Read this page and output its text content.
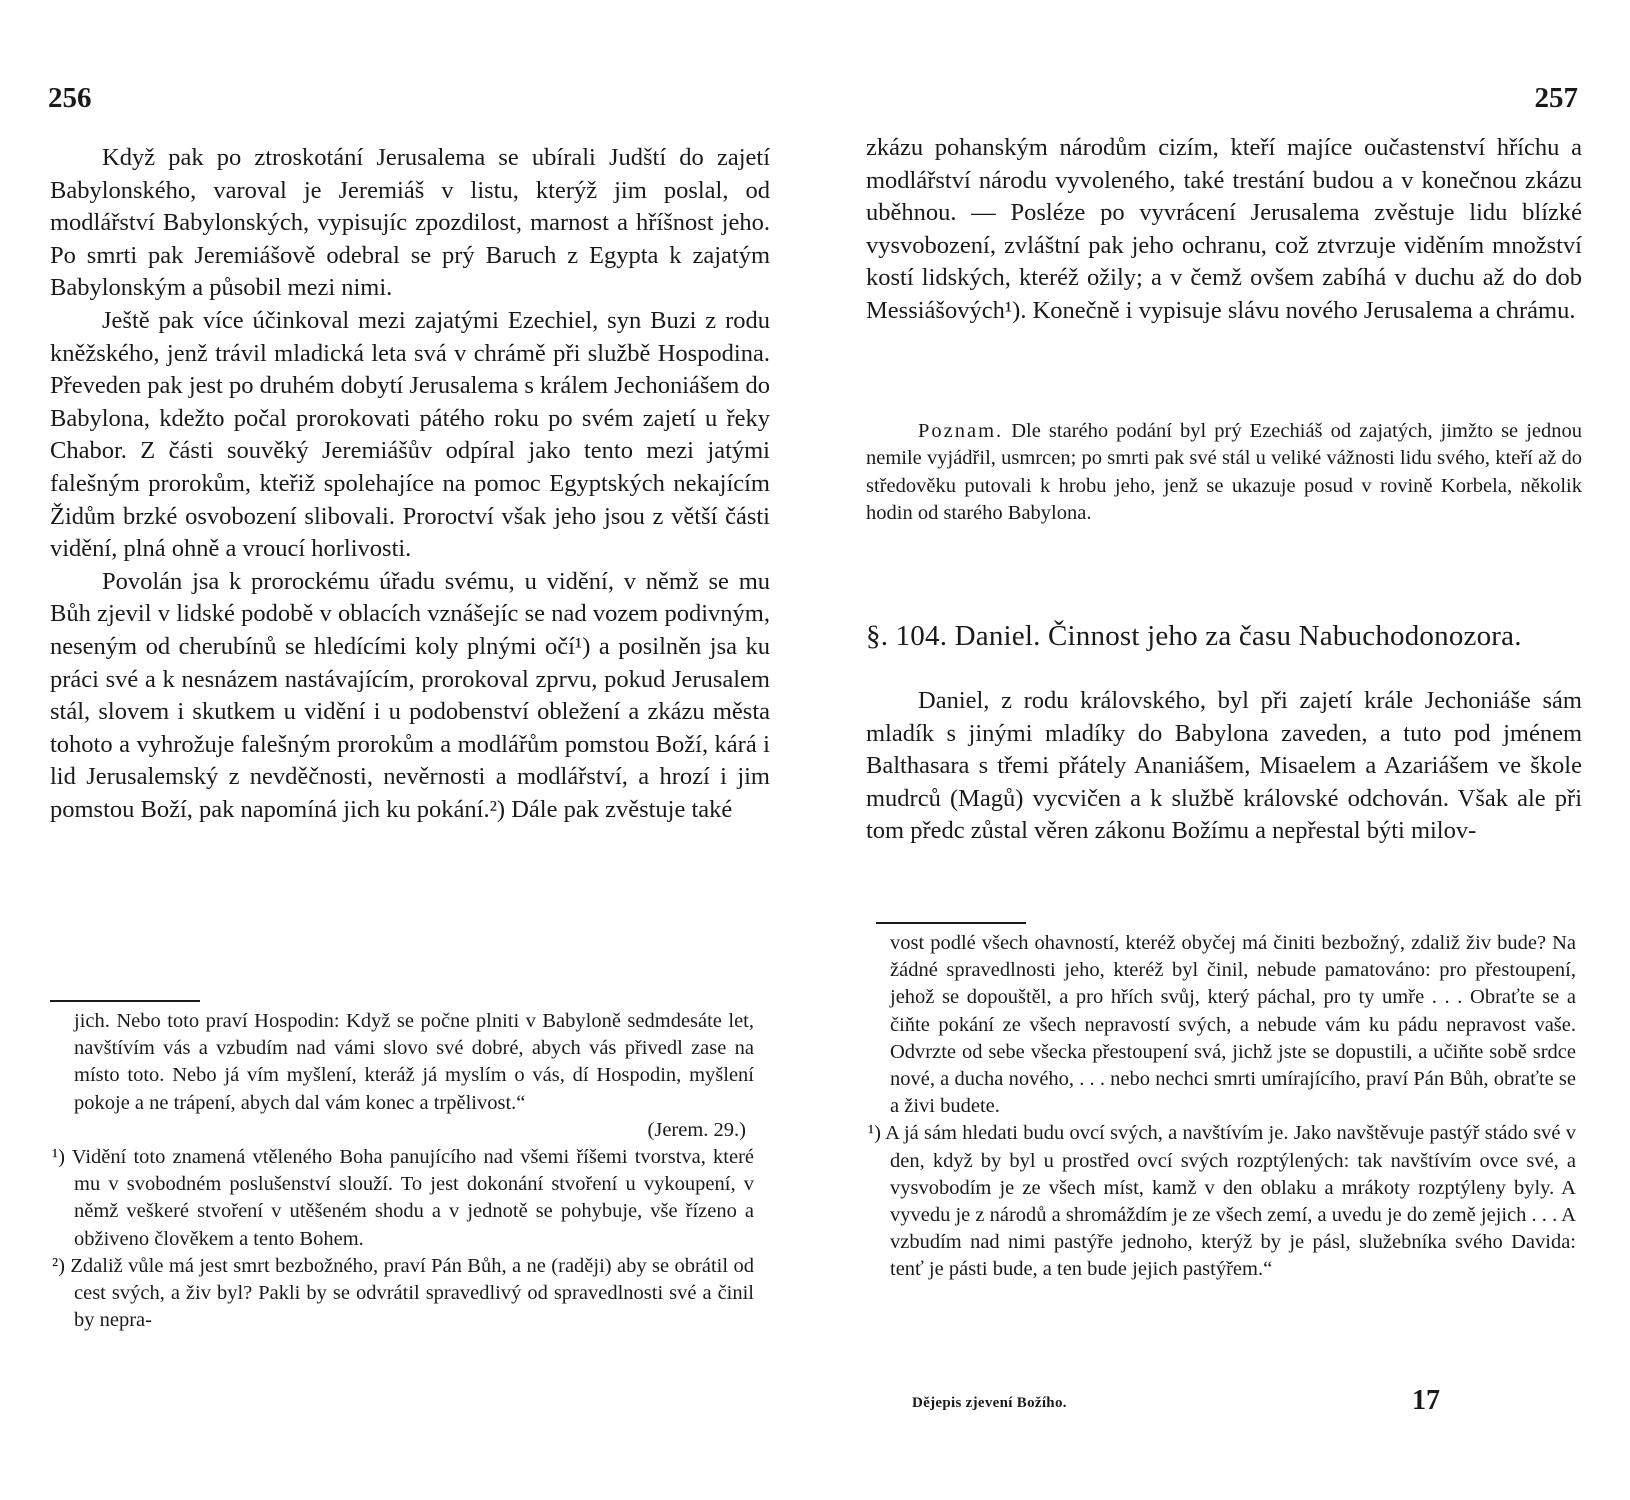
256

Když pak po ztroskotání Jerusalema se ubírali Judští do zajetí Babylonského, varoval je Jeremiáš v listu, kterýž jim poslal, od modlářství Babylonských, vypisujíc zpozdilost, marnost a hříšnost jeho. Po smrti pak Jeremiášově odebral se prý Baruch z Egypta k zajatým Babylonským a působil mezi nimi.

Ještě pak více účinkoval mezi zajatými Ezechiel, syn Buzi z rodu kněžského, jenž trávil mladická leta svá v chrámě při službě Hospodina. Převeden pak jest po druhém dobytí Jerusalema s králem Jechoniášem do Babylona, kdežto počal prorokovati pátého roku po svém zajetí u řeky Chabor. Z části souvěký Jeremiášův odpíral jako tento mezi jatými falešným prorokům, kteřiž spolehajíce na pomoc Egyptských nekajícím Židům brzké osvobození slibovali. Proroctví však jeho jsou z větší části vidění, plná ohně a vroucí horlivosti.

Povolán jsa k prorockému úřadu svému, u vidění, v němž se mu Bůh zjevil v lidské podobě v oblacích vznášejíc se nad vozem podivným, neseným od cherubínů se hledícími koly plnými očí¹) a posilněn jsa ku práci své a k nesnázem nastávajícím, prorokoval zprvu, pokud Jerusalem stál, slovem i skutkem u vidění i u podobenství obležení a zkázu města tohoto a vyhrožuje falešným prorokům a modlářům pomstou Boží, kárá i lid Jerusalemský z nevděčnosti, nevěrnosti a modlářství, a hrozí i jim pomstou Boží, pak napomíná jich ku pokání.²) Dále pak zvěstuje také

jich. Nebo toto praví Hospodin: Když se počne plniti v Babyloně sedmdesáte let, navštívím vás a vzbudím nad vámi slovo své dobré, abych vás přivedl zase na místo toto. Nebo já vím myšlení, kteráž já myslím o vás, dí Hospodin, myšlení pokoje a ne trápení, abych dal vám konec a trpělivost.“

(Jerem. 29.)

¹) Vidění toto znamená vtěleného Boha panujícího nad všemi říšemi tvorstva, které mu v svobodném poslušenství slouží. To jest dokonání stvoření u vykoupení, v němž veškeré stvoření v utěšeném shodu a v jednotě se pohybuje, vše řízeno a obživeno člověkem a tento Bohem.

²) Zdaliž vůle má jest smrt bezbožného, praví Pán Bůh, a ne (raději) aby se obrátil od cest svých, a živ byl? Pakli by se odvrátil spravedlivý od spravedlnosti své a činil by nepra-

257

zkázu pohanským národům cizím, kteří majíce oučastenství hříchu a modlářství národu vyvoleného, také trestání budou a v konečnou zkázu uběhnou. — Posléze po vyvrácení Jerusalema zvěstuje lidu blízké vysvobození, zvláštní pak jeho ochranu, což ztvrzuje viděním množství kostí lidských, kteréž ožily; a v čemž ovšem zabíhá v duchu až do dob Messiášových¹). Konečně i vypisuje slávu nového Jerusalema a chrámu.

Poznam. Dle starého podání byl prý Ezechiáš od zajatých, jimžto se jednou nemile vyjádřil, usmrcen; po smrti pak své stál u veliké vážnosti lidu svého, kteří až do středověku putovali k hrobu jeho, jenž se ukazuje posud v rovině Korbela, několik hodin od starého Babylona.

§. 104. Daniel. Činnost jeho za času Nabuchodonozora.

Daniel, z rodu královského, byl při zajetí krále Jechoniáše sám mladík s jinými mladíky do Babylona zaveden, a tuto pod jménem Balthasara s třemi přátely Ananiášem, Misaelem a Azariášem ve škole mudrců (Magů) vycvičen a k službě královské odchován. Však ale při tom předc zůstal věren zákonu Božímu a nepřestal býti milov-

vost podlé všech ohavností, kteréž obyčej má činiti bezbožný, zdaliž živ bude? Na žádné spravedlnosti jeho, kteréž byl činil, nebude pamatováno: pro přestoupení, jehož se dopouštěl, a pro hřích svůj, který páchal, pro ty umře . . . Obraťte se a čiňte pokání ze všech nepravostí svých, a nebude vám ku pádu nepravost vaše. Odvrzte od sebe všecka přestoupení svá, jichž jste se dopustili, a učiňte sobě srdce nové, a ducha nového, . . . nebo nechci smrti umírajícího, praví Pán Bůh, obraťte se a živi budete.

¹) A já sám hledati budu ovcí svých, a navštívím je. Jako navštěvuje pastýř stádo své v den, když by byl u prostřed ovcí svých rozptýlených: tak navštívím ovce své, a vysvobodím je ze všech míst, kamž v den oblaku a mrákoty rozptýleny byly. A vyvedu je z národů a shromáždím je ze všech zemí, a uvedu je do země jejich . . . A vzbudím nad nimi pastýře jednoho, kterýž by je pásl, služebníka svého Davida: tenť je pásti bude, a ten bude jejich pastýřem.“

Dějepis zjevení Božího.	17
